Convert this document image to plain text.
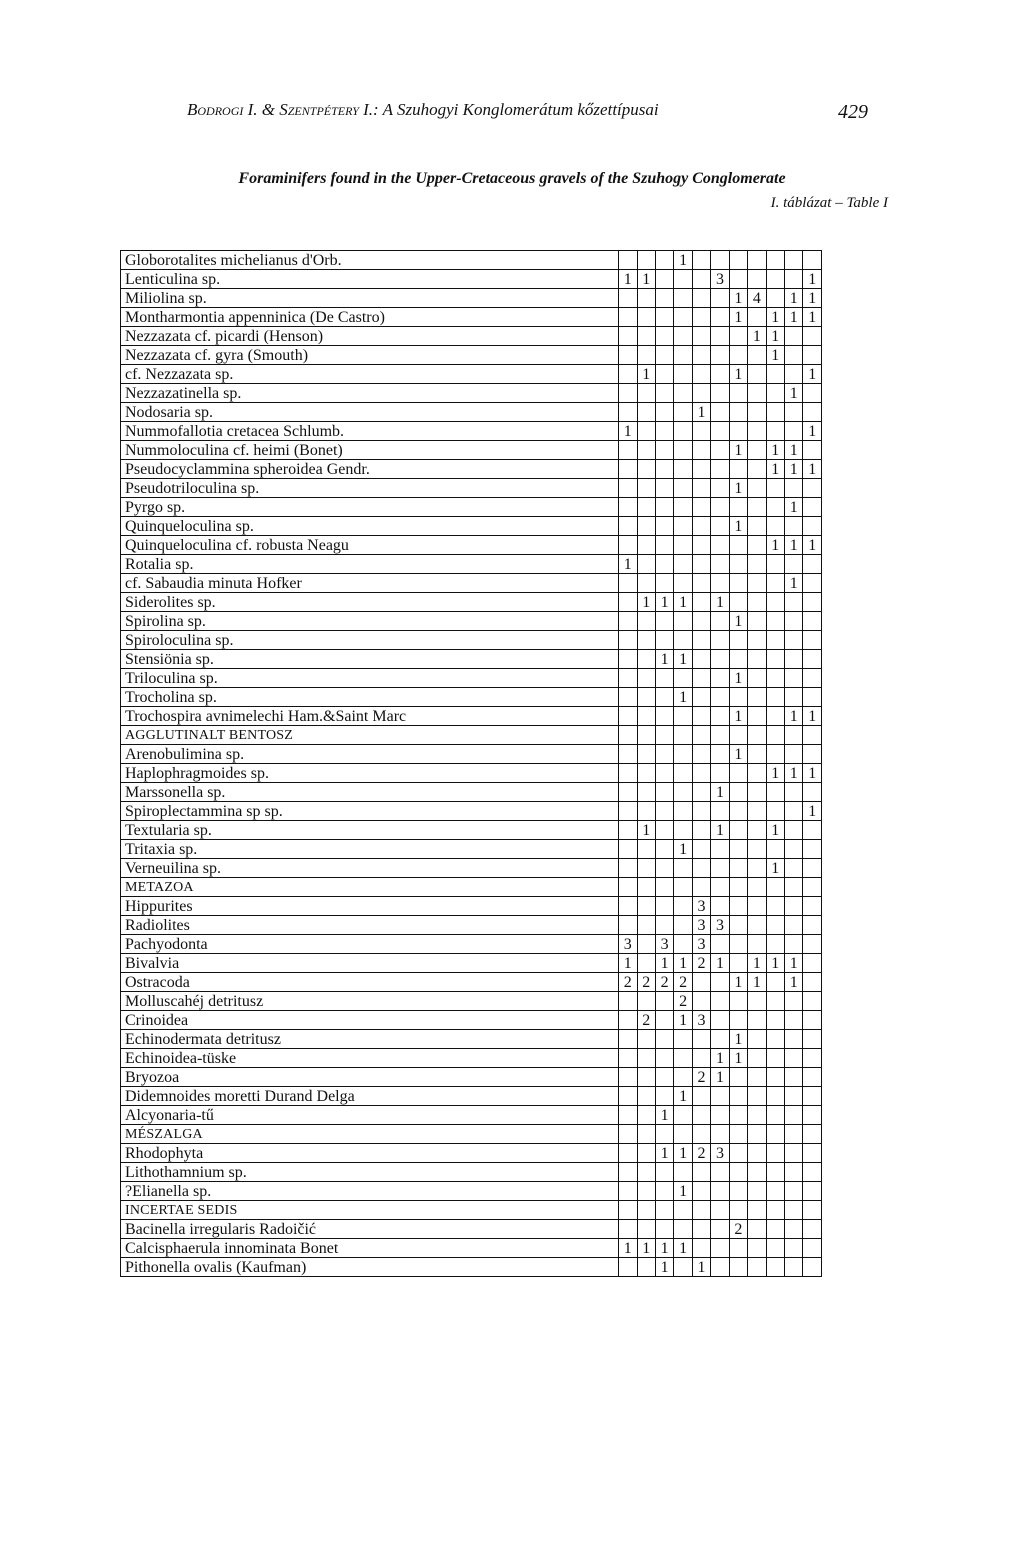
Bodrogi I. & Szentpétery I.: A Szuhogyi Konglomerátum kőzettípusai	429
Foraminifers found in the Upper-Cretaceous gravels of the Szuhogy Conglomerate
I. táblázat – Table I
Globorotalites michelianus d'Orb.				1							
Lenticulina sp.	1	1				3					1
Miliolina sp.							1	4		1	1
Montharmontia appenninica (De Castro)							1		1	1	1
Nezzazata cf. picardi (Henson)								1	1		
Nezzazata cf. gyra (Smouth)									1		
cf. Nezzazata sp.		1					1				1
Nezzazatinella sp.										1	
Nodosaria sp.					1						
Nummofallotia cretacea Schlumb.	1										1
Nummoloculina cf. heimi (Bonet)							1		1	1	
Pseudocyclammina spheroidea Gendr.									1	1	1
Pseudotriloculina sp.							1				
Pyrgo sp.										1	
Quinqueloculina sp.							1				
Quinqueloculina cf. robusta Neagu									1	1	1
Rotalia sp.	1										
cf. Sabaudia minuta Hofker										1	
Siderolites sp.		1	1	1		1					
Spirolina sp.							1				
Spiroloculina sp.											
Stensiönia sp.			1	1							
Triloculina sp.							1				
Trocholina sp.				1							
Trochospira avnimelechi Ham.&Saint Marc							1			1	1
AGGLUTINALT BENTOSZ											
Arenobulimina sp.							1				
Haplophragmoides sp.									1	1	1
Marssonella sp.						1					
Spiroplectammina sp sp.											1
Textularia sp.		1				1			1		
Tritaxia sp.				1							
Verneuilina sp.									1		
METAZOA											
Hippurites					3						
Radiolites					3	3					
Pachyodonta	3		3		3						
Bivalvia	1		1	1	2	1		1	1	1	
Ostracoda	2	2	2	2			1	1		1	
Molluscahéj detritusz				2							
Crinoidea		2		1	3						
Echinodermata detritusz							1				
Echinoidea-tüske						1	1				
Bryozoa					2	1					
Didemnoides moretti Durand Delga				1							
Alcyonaria-tű			1								
MÉSZALGA											
Rhodophyta			1	1	2	3					
Lithothamnium sp.											
?Elianella sp.				1							
INCERTAE SEDIS											
Bacinella irregularis Radoičić							2				
Calcisphaerula innominata Bonet	1	1	1	1							
Pithonella ovalis (Kaufman)			1		1						
